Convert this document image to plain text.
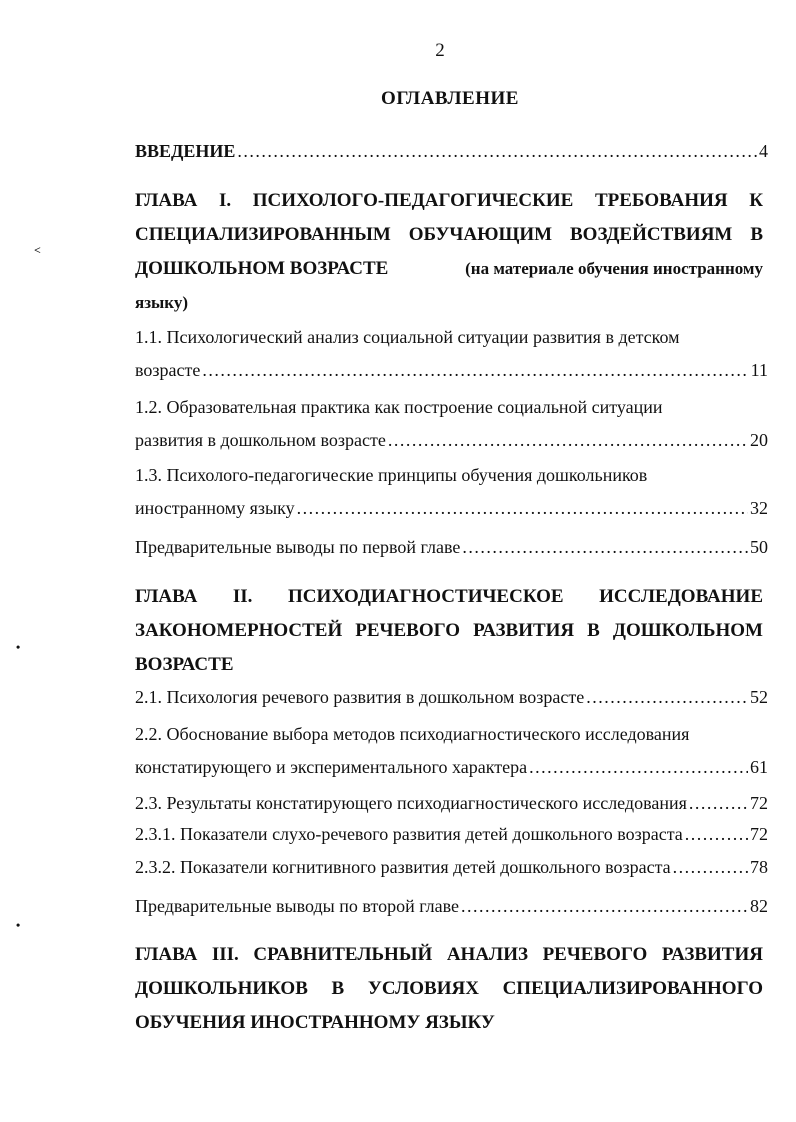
2
ОГЛАВЛЕНИЕ
ВВЕДЕНИЕ . . .	4
ГЛАВА I. ПСИХОЛОГО-ПЕДАГОГИЧЕСКИЕ ТРЕБОВАНИЯ К
СПЕЦИАЛИЗИРОВАННЫМ ОБУЧАЮЩИМ ВОЗДЕЙСТВИЯМ В
ДОШКОЛЬНОМ ВОЗРАСТЕ	(на материале обучения иностранному
языку)
1.1. Психологический анализ социальной ситуации развития в детском
возрасте . . .	11
1.2. Образовательная практика как построение социальной ситуации
развития в дошкольном возрасте . . .	20
1.3. Психолого-педагогические принципы обучения дошкольников
иностранному языку . . .	32
Предварительные выводы по первой главе . . .	50
ГЛАВА II. ПСИХОДИАГНОСТИЧЕСКОЕ ИССЛЕДОВАНИЕ
ЗАКОНОМЕРНОСТЕЙ РЕЧЕВОГО РАЗВИТИЯ В ДОШКОЛЬНОМ
ВОЗРАСТЕ
2.1. Психология речевого развития в дошкольном возрасте . . .	52
2.2. Обоснование выбора методов психодиагностического исследования
констатирующего и экспериментального характера . . .	61
2.3. Результаты констатирующего психодиагностического исследования . . .	72
2.3.1. Показатели слухо-речевого развития детей дошкольного возраста . . .	72
2.3.2. Показатели когнитивного развития детей дошкольного возраста . . .	78
Предварительные выводы по второй главе . . .	82
ГЛАВА III. СРАВНИТЕЛЬНЫЙ АНАЛИЗ РЕЧЕВОГО РАЗВИТИЯ
ДОШКОЛЬНИКОВ В УСЛОВИЯХ СПЕЦИАЛИЗИРОВАННОГО
ОБУЧЕНИЯ ИНОСТРАННОМУ ЯЗЫКУ
˂
•
•
